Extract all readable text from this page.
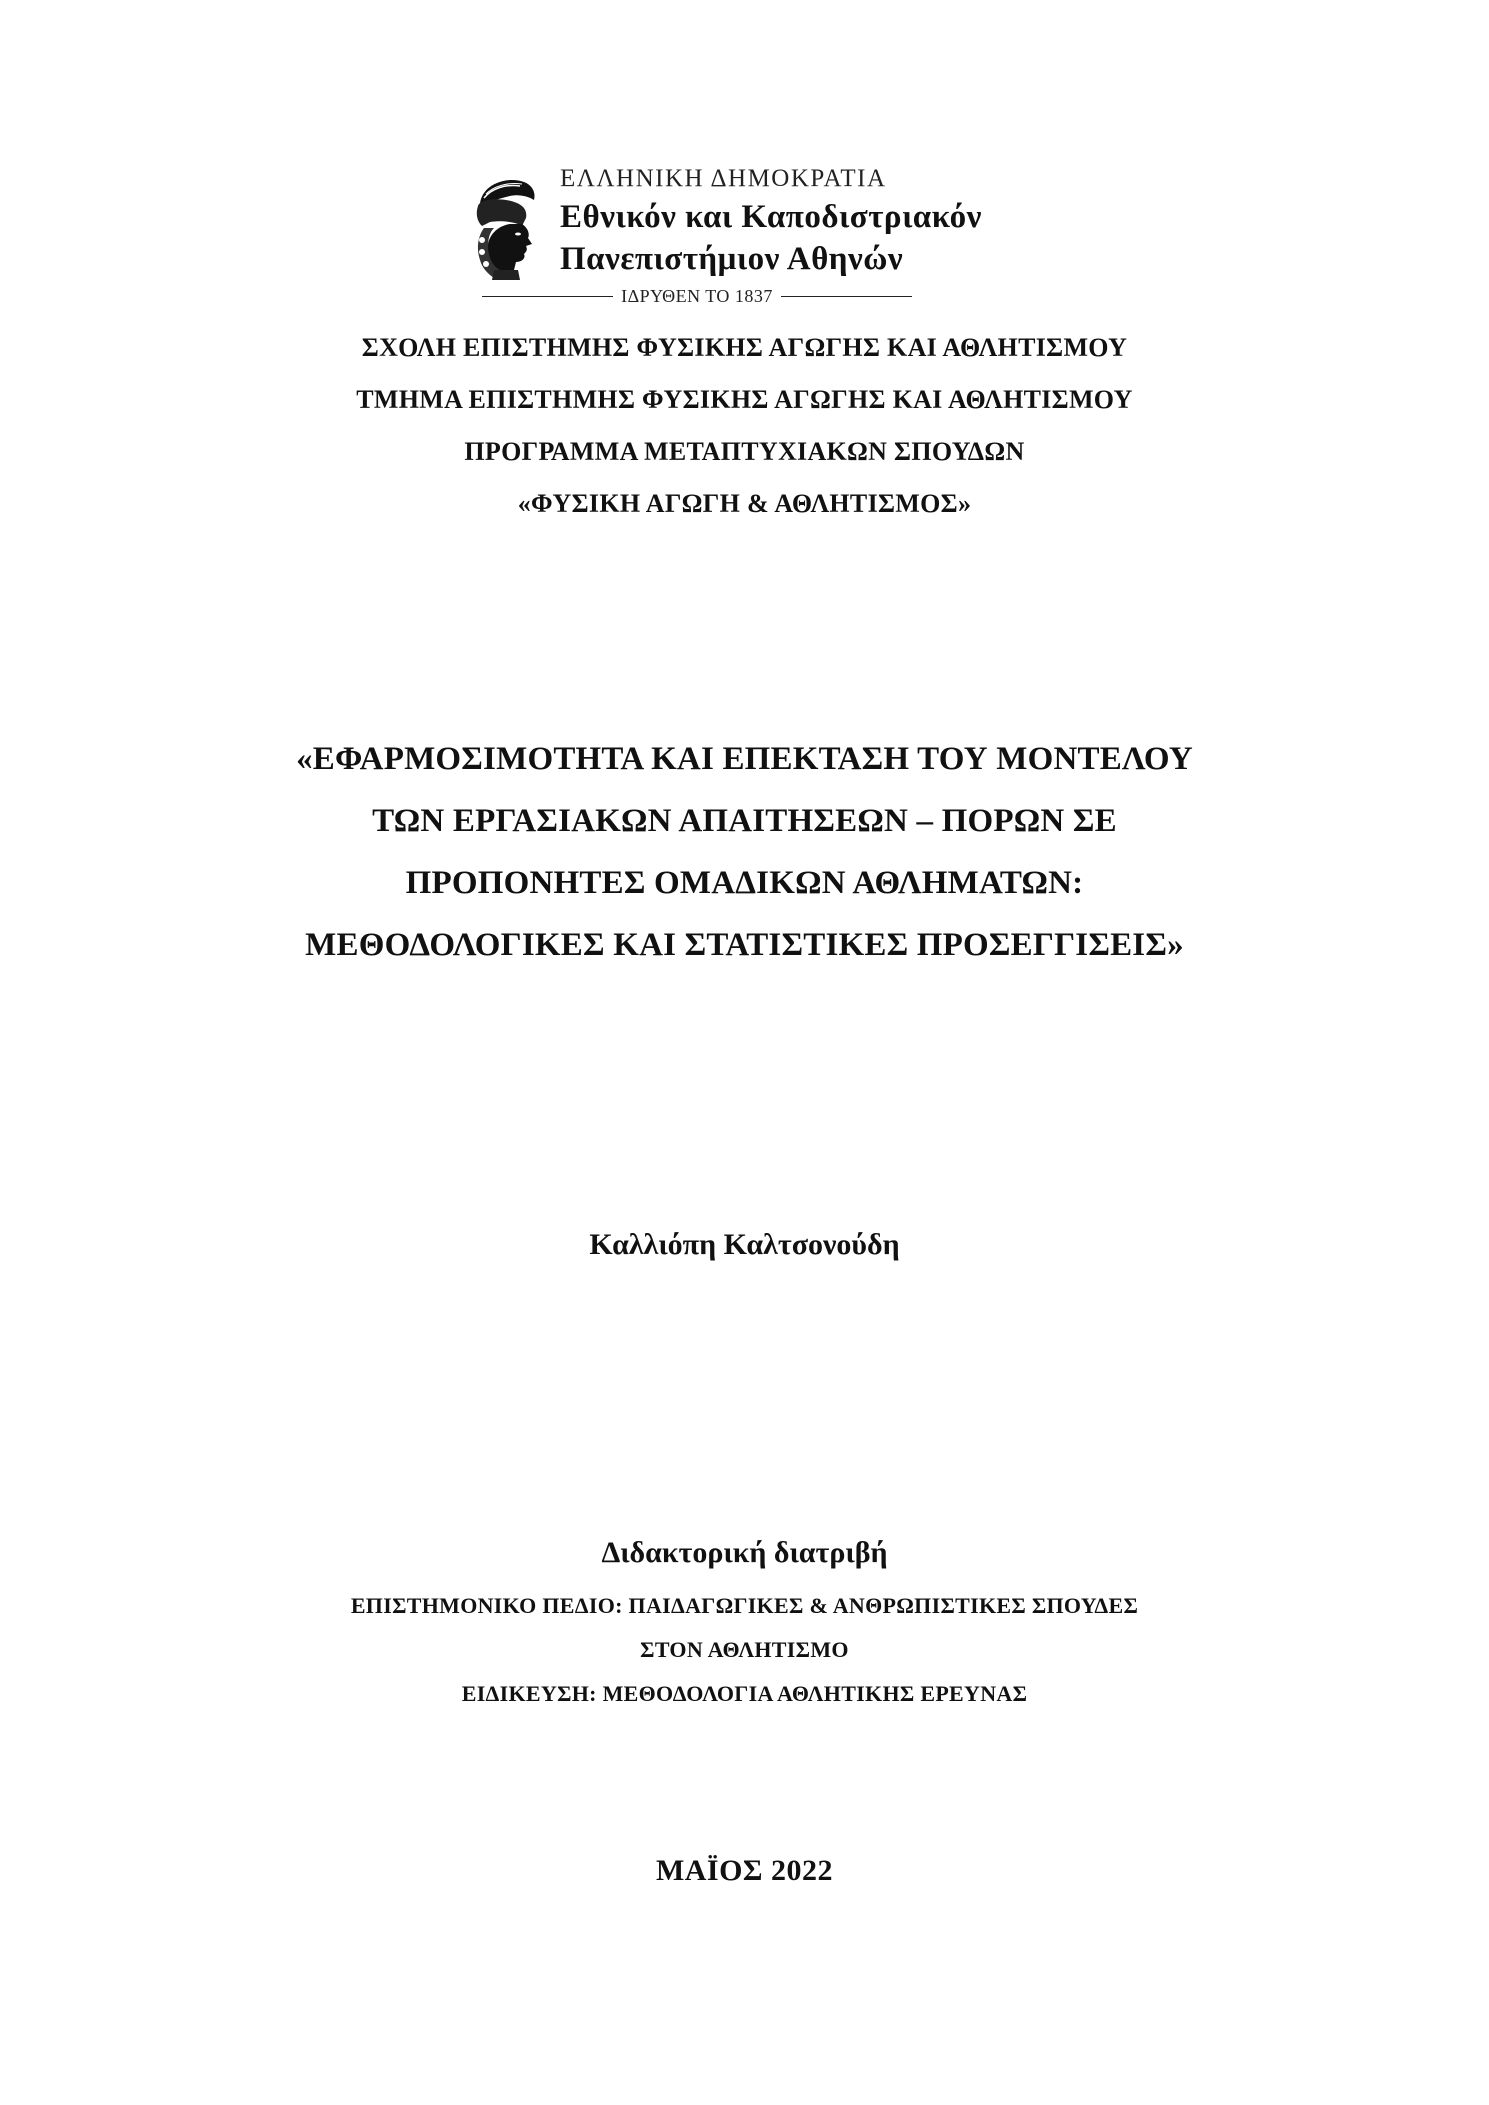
ΕΛΛΗΝΙΚΗ ΔΗΜΟΚΡΑΤΙΑ
Εθνικόν και Καποδιστριακόν
Πανεπιστήμιον Αθηνών
ΙΔΡΥΘΕΝ ΤΟ 1837
ΣΧΟΛΗ ΕΠΙΣΤΗΜΗΣ ΦΥΣΙΚΗΣ ΑΓΩΓΗΣ ΚΑΙ ΑΘΛΗΤΙΣΜΟΥ
ΤΜΗΜΑ ΕΠΙΣΤΗΜΗΣ ΦΥΣΙΚΗΣ ΑΓΩΓΗΣ ΚΑΙ ΑΘΛΗΤΙΣΜΟΥ
ΠΡΟΓΡΑΜΜΑ ΜΕΤΑΠΤΥΧΙΑΚΩΝ ΣΠΟΥΔΩΝ
«ΦΥΣΙΚΗ ΑΓΩΓΗ & ΑΘΛΗΤΙΣΜΟΣ»
«ΕΦΑΡΜΟΣΙΜΟΤΗΤΑ ΚΑΙ ΕΠΕΚΤΑΣΗ ΤΟΥ ΜΟΝΤΕΛΟΥ
ΤΩΝ ΕΡΓΑΣΙΑΚΩΝ ΑΠΑΙΤΗΣΕΩΝ – ΠΟΡΩΝ ΣΕ
ΠΡΟΠΟΝΗΤΕΣ ΟΜΑΔΙΚΩΝ ΑΘΛΗΜΑΤΩΝ:
ΜΕΘΟΔΟΛΟΓΙΚΕΣ ΚΑΙ ΣΤΑΤΙΣΤΙΚΕΣ ΠΡΟΣΕΓΓΙΣΕΙΣ»
Καλλιόπη Καλτσονούδη
Διδακτορική διατριβή
ΕΠΙΣΤΗΜΟΝΙΚΟ ΠΕΔΙΟ: ΠΑΙΔΑΓΩΓΙΚΕΣ & ΑΝΘΡΩΠΙΣΤΙΚΕΣ ΣΠΟΥΔΕΣ
ΣΤΟΝ ΑΘΛΗΤΙΣΜΟ
ΕΙΔΙΚΕΥΣΗ: ΜΕΘΟΔΟΛΟΓΙΑ ΑΘΛΗΤΙΚΗΣ ΕΡΕΥΝΑΣ
ΜΑΪΟΣ 2022
